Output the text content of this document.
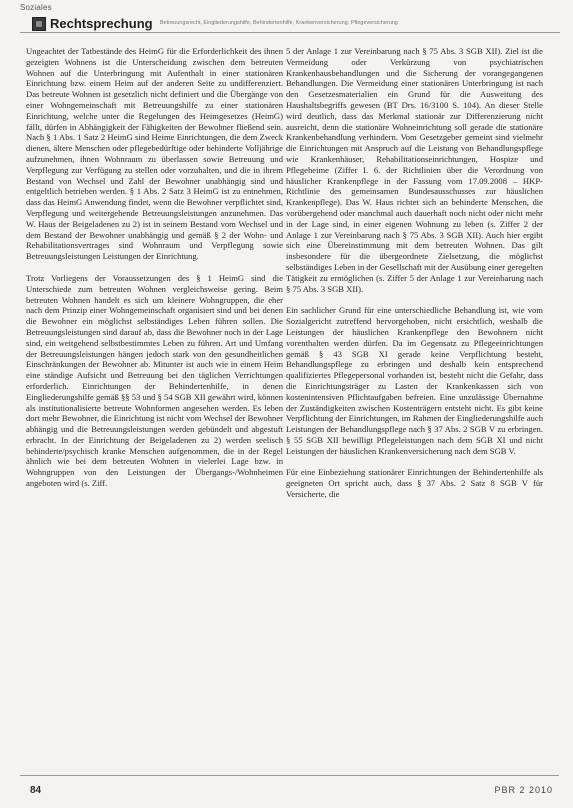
Soziales
Rechtsprechung Betreuungsrecht, Eingliederungshilfe, Behindertenhilfe, Krankenversicherung, Pflegeversicherung

Ungeachtet der Tatbestände des HeimG für die Erforderlichkeit des ihnen gezeigten Wohnens ist die Unterscheidung zwischen dem betreuten Wohnen auf die Unterbringung mit Aufenthalt in einer stationären Einrichtung bzw. einem Heim auf der anderen Seite zu undifferenziert. Das betreute Wohnen ist gesetzlich nicht definiert und die Übergänge von einer Wohngemeinschaft mit Betreuungshilfe zu einer stationären Einrichtung, welche unter die Regelungen des Heimgesetzes (HeimG) fällt, dürfen in Abhängigkeit der Fähigkeiten der Bewohner fließend sein. Nach § 1 Abs. 1 Satz 2 HeimG sind Heime Einrichtungen, die dem Zweck dienen, ältere Menschen oder pflegebedürftige oder behinderte Volljährige aufzunehmen, ihnen Wohnraum zu überlassen sowie Betreuung und Verpflegung zur Verfügung zu stellen oder vorzuhalten, und die in ihrem Bestand von Wechsel und Zahl der Bewohner unabhängig sind und entgeltlich betrieben werden. § 1 Abs. 2 Satz 3 HeimG ist zu entnehmen, dass das HeimG Anwendung findet, wenn die Bewohner verpflichtet sind, Verpflegung und weitergehende Betreuungsleistungen anzunehmen. Das W. Haus der Beigeladenen zu 2) ist in seinem Bestand vom Wechsel und dem Bestand der Bewohner unabhängig und gemäß § 2 der Wohn- und Rehabilitationsvertrages sind Wohnraum und Verpflegung sowie Betreuungsleistungen Leistungen der Einrichtung.

Trotz Vorliegens der Voraussetzungen des § 1 HeimG sind die Unterschiede zum betreuten Wohnen vergleichsweise gering. Beim betreuten Wohnen handelt es sich um kleinere Wohngruppen, die eher nach dem Prinzip einer Wohngemeinschaft organisiert sind und bei denen die Bewohner ein möglichst selbständiges Leben führen sollen. Die Betreuungsleistungen sind darauf ab, dass die Bewohner noch in der Lage sind, ein weitgehend selbstbestimmtes Leben zu führen. Art und Umfang der Betreuungsleistungen hängen jedoch stark von den gesundheitlichen Einschränkungen der Bewohner ab. Mitunter ist auch wie in einem Heim eine ständige Aufsicht und Betreuung bei den täglichen Verrichtungen erforderlich. Einrichtungen der Behindertenhilfe, in denen Eingliederungshilfe gemäß §§ 53 und § 54 SGB XII gewährt wird, können als institutionalisierte betreute Wohnformen angesehen werden. Es leben dort mehr Bewohner, die Einrichtung ist nicht vom Wechsel der Bewohner abhängig und die Betreuungsleistungen werden gebündelt und abgestuft erbracht. In der Einrichtung der Beigeladenen zu 2) werden seelisch behinderte/psychisch kranke Menschen aufgenommen, die in der Regel ähnlich wie bei dem betreuten Wohnen in vielerlei Lage bzw. in Wohngruppen von den Leistungen der Übergangs-/Wohnheimen angeboten wird (s. Ziff.

5 der Anlage 1 zur Vereinbarung nach § 75 Abs. 3 SGB XII). Ziel ist die Vermeidung oder Verkürzung von psychiatrischen Krankenhausbehandlungen und die Sicherung der vorangegangenen Behandlungen. Die Vermeidung einer stationären Unterbringung ist nach den Gesetzesmaterialien ein Grund für die Ausweitung des Haushaltsbegriffs gewesen (BT Drs. 16/3100 S. 104). An dieser Stelle wird deutlich, dass das Merkmal stationär zur Differenzierung nicht ausreicht, denn die stationäre Wohneinrichtung soll gerade die stationäre Krankenbehandlung verhindern. Vom Gesetzgeber gemeint sind vielmehr die Einrichtungen mit Anspruch auf die Leistung von Behandlungspflege wie Krankenhäuser, Rehabilitationseinrichtungen, Hospize und Pflegeheime (Ziffer I. 6. der Richtlinien über die Verordnung von häuslicher Krankenpflege in der Fassung vom 17.09.2008 – HKP-Richtlinie des gemeinsamen Bundesausschusses zur häuslichen Krankenpflege). Das W. Haus richtet sich an behinderte Menschen, die vorübergehend oder manchmal auch dauerhaft noch nicht oder nicht mehr in der Lage sind, in einer eigenen Wohnung zu leben (s. Ziffer 2 der Anlage 1 zur Vereinbarung nach § 75 Abs. 3 SGB XII). Auch hier ergibt sich eine Übereinstimmung mit dem betreuten Wohnen. Das gilt insbesondere für die übergeordnete Zielsetzung, die möglichst selbständiges Leben in der Gesellschaft mit der Ausübung einer geregelten Tätigkeit zu ermöglichen (s. Ziffer 5 der Anlage 1 zur Vereinbarung nach § 75 Abs. 3 SGB XII).

Ein sachlicher Grund für eine unterschiedliche Behandlung ist, wie vom Sozialgericht zutreffend hervorgehoben, nicht ersichtlich, weshalb die Leistungen der häuslichen Krankenpflege den Bewohnern nicht vorenthalten werden dürfen. Da im Gegensatz zu Pflegeeinrichtungen gemäß § 43 SGB XI gerade keine Verpflichtung besteht, Behandlungspflege zu erbringen und deshalb kein entsprechend qualifiziertes Pflegepersonal vorhanden ist, besteht nicht die Gefahr, dass die Einrichtungsträger zu Lasten der Krankenkassen sich von kostenintensiven Pflichtaufgaben befreien. Eine unzulässige Übernahme der Zuständigkeiten zwischen Kostenträgern entsteht nicht. Es gibt keine Verpflichtung der Einrichtungen, im Rahmen der Eingliederungshilfe auch Leistungen der Behandlungspflege nach § 37 Abs. 2 SGB V zu erbringen. § 55 SGB XII bewilligt Pflegeleistungen nach dem SGB XI und nicht Leistungen der häuslichen Krankenversicherung nach dem SGB V.

Für eine Einbeziehung stationärer Einrichtungen der Behindertenhilfe als geeigneten Ort spricht auch, dass § 37 Abs. 2 Satz 8 SGB V für Versicherte, die

84	PBR 2 2010
